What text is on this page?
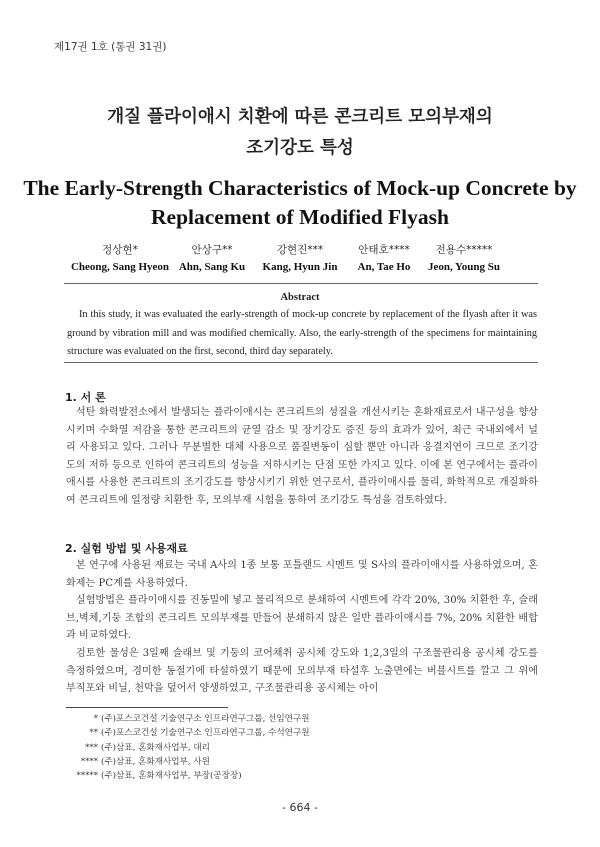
제17권 1호 (통권 31권)
개질 플라이애시 치환에 따른 콘크리트 모의부재의
조기강도 특성
The Early-Strength Characteristics of Mock-up Concrete by
Replacement of Modified Flyash
정상현*
Cheong, Sang Hyeon
안상구**
Ahn, Sang Ku
강현진***
Kang, Hyun Jin
안태호****
An, Tae Ho
전용수*****
Jeon, Young Su
Abstract
In this study, it was evaluated the early-strength of mock-up concrete by replacement of the flyash after it was ground by vibration mill and was modified chemically. Also, the early-strength of the specimens for maintaining structure was evaluated on the first, second, third day separately.
1. 서 론

석탄 화력발전소에서 발생되는 플라이애시는 콘크리트의 성질을 개선시키는 혼화재료로서 내구성을 향상시키며 수화열 저감을 통한 콘크리트의 균열 감소 및 장기강도 증진 등의 효과가 있어, 최근 국내외에서 널리 사용되고 있다. 그러나 무분별한 대체 사용으로 품질변동이 심할 뿐만 아니라 응결지연이 크므로 조기강도의 저하 등으로 인하여 콘크리트의 성능을 저하시키는 단점 또한 가지고 있다. 이에 본 연구에서는 플라이애시를 사용한 콘크리트의 조기강도를 향상시키기 위한 연구로서, 플라이애시를 물리, 화학적으로 개질화하여 콘크리트에 일정량 치환한 후, 모의부재 시험을 통하여 조기강도 특성을 검토하였다.

2. 실험 방법 및 사용재료

본 연구에 사용된 재료는 국내 A사의 1종 보통 포틀랜드 시멘트 및 S사의 플라이애시를 사용하였으며, 혼화제는 PC계를 사용하였다.

실험방법은 플라이애시를 진동밀에 넣고 물리적으로 분쇄하여 시멘트에 각각 20%, 30% 치환한 후, 슬래브,벽체,기둥 조합의 콘크리트 모의부재를 만들어 분쇄하지 않은 일반 플라이애시를 7%, 20% 치환한 배합과 비교하였다.

검토한 물성은 3일째 슬래브 및 기둥의 코어채취 공시체 강도와 1,2,3일의 구조물관리용 공시체 강도를 측정하였으며, 경미한 동절기에 타설하였기 때문에 모의부재 타설후 노출면에는 버블시트를 깔고 그 위에 부직포와 비닐, 천막을 덮어서 양생하였고, 구조물관리용 공시체는 아이

* (주)포스코건설 기술연구소 인프라연구그룹, 선임연구원
** (주)포스코건설 기술연구소 인프라연구그룹, 수석연구원
*** (주)삼표, 혼화재사업부, 대리
**** (주)삼표, 혼화재사업부, 사원
***** (주)삼표, 혼화재사업부, 부장(공장장)
- 664 -
